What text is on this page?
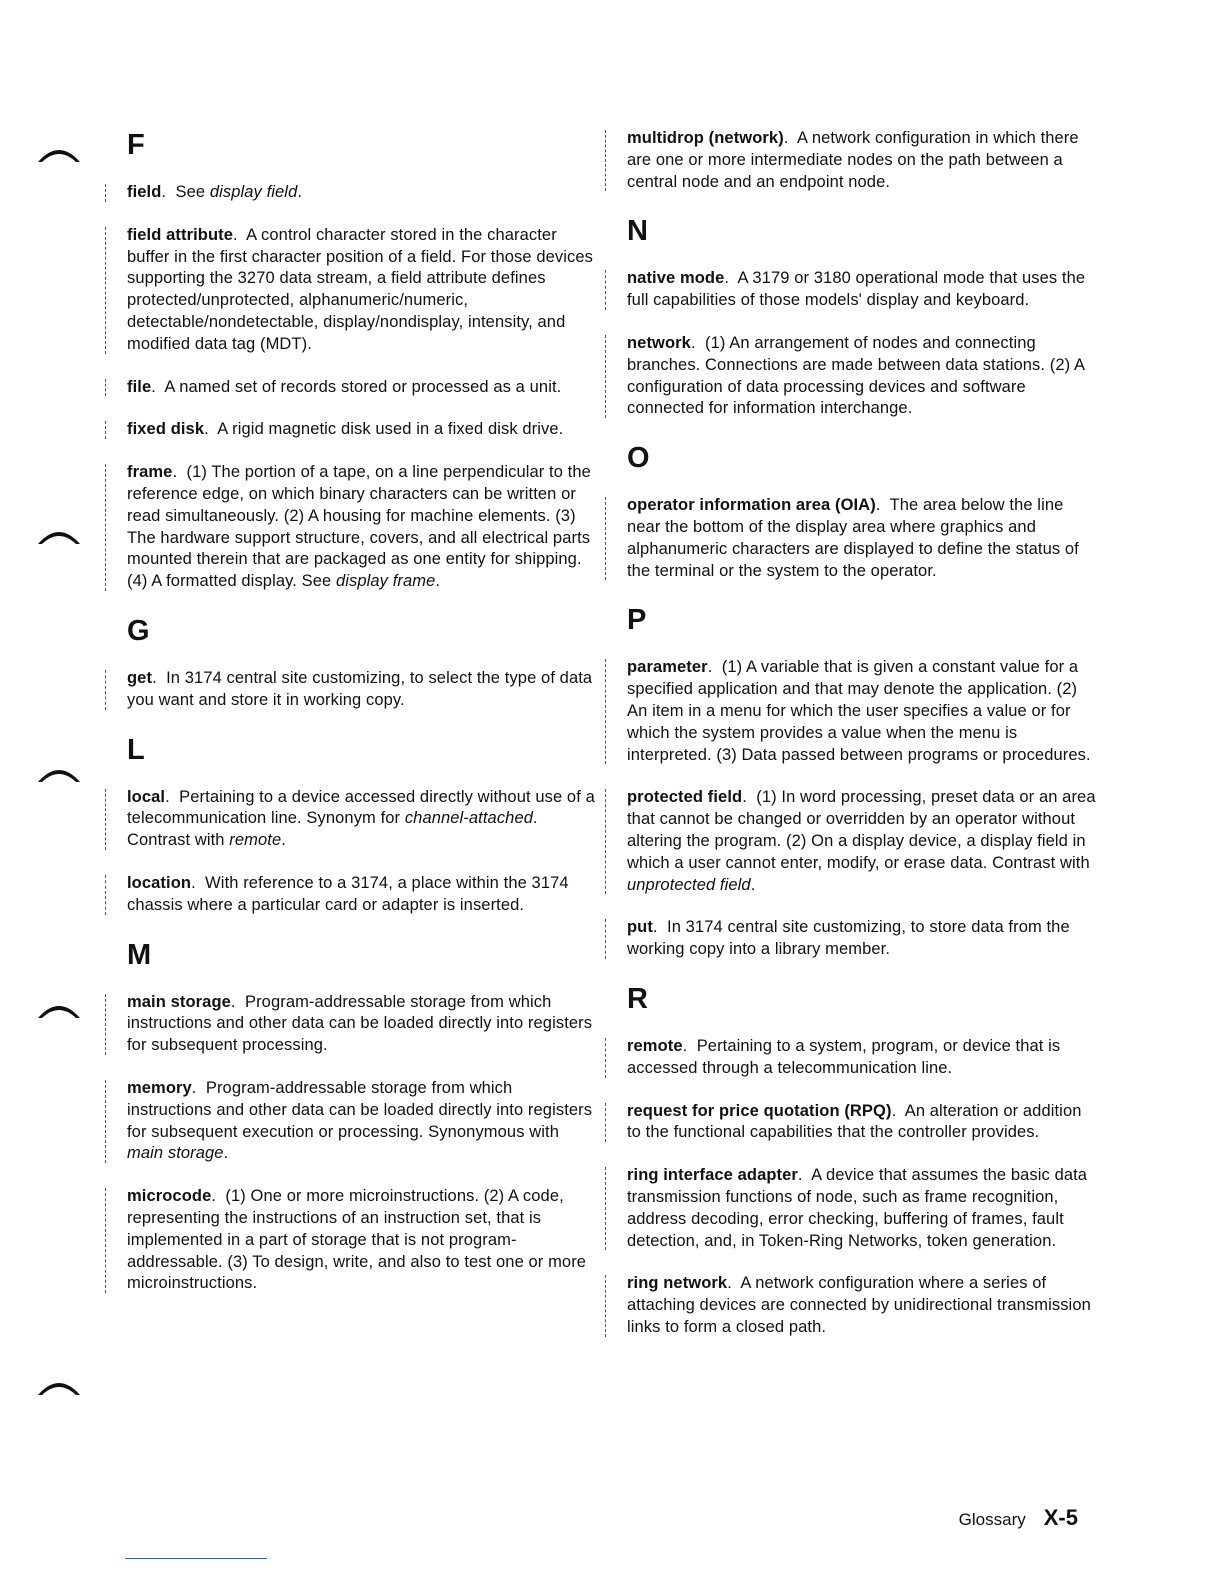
F
field.  See display field.
field attribute.  A control character stored in the character buffer in the first character position of a field. For those devices supporting the 3270 data stream, a field attribute defines protected/unprotected, alphanumeric/numeric, detectable/nondetectable, display/nondisplay, intensity, and modified data tag (MDT).
file.  A named set of records stored or processed as a unit.
fixed disk.  A rigid magnetic disk used in a fixed disk drive.
frame.  (1) The portion of a tape, on a line perpendicular to the reference edge, on which binary characters can be written or read simultaneously. (2) A housing for machine elements. (3) The hardware support structure, covers, and all electrical parts mounted therein that are packaged as one entity for shipping. (4) A formatted display. See display frame.
G
get.  In 3174 central site customizing, to select the type of data you want and store it in working copy.
L
local.  Pertaining to a device accessed directly without use of a telecommunication line. Synonym for channel-attached. Contrast with remote.
location.  With reference to a 3174, a place within the 3174 chassis where a particular card or adapter is inserted.
M
main storage.  Program-addressable storage from which instructions and other data can be loaded directly into registers for subsequent processing.
memory.  Program-addressable storage from which instructions and other data can be loaded directly into registers for subsequent execution or processing. Synonymous with main storage.
microcode.  (1) One or more microinstructions. (2) A code, representing the instructions of an instruction set, that is implemented in a part of storage that is not program-addressable. (3) To design, write, and also to test one or more microinstructions.
multidrop (network).  A network configuration in which there are one or more intermediate nodes on the path between a central node and an endpoint node.
N
native mode.  A 3179 or 3180 operational mode that uses the full capabilities of those models' display and keyboard.
network.  (1) An arrangement of nodes and connecting branches. Connections are made between data stations. (2) A configuration of data processing devices and software connected for information interchange.
O
operator information area (OIA).  The area below the line near the bottom of the display area where graphics and alphanumeric characters are displayed to define the status of the terminal or the system to the operator.
P
parameter.  (1) A variable that is given a constant value for a specified application and that may denote the application. (2) An item in a menu for which the user specifies a value or for which the system provides a value when the menu is interpreted. (3) Data passed between programs or procedures.
protected field.  (1) In word processing, preset data or an area that cannot be changed or overridden by an operator without altering the program. (2) On a display device, a display field in which a user cannot enter, modify, or erase data. Contrast with unprotected field.
put.  In 3174 central site customizing, to store data from the working copy into a library member.
R
remote.  Pertaining to a system, program, or device that is accessed through a telecommunication line.
request for price quotation (RPQ).  An alteration or addition to the functional capabilities that the controller provides.
ring interface adapter.  A device that assumes the basic data transmission functions of node, such as frame recognition, address decoding, error checking, buffering of frames, fault detection, and, in Token-Ring Networks, token generation.
ring network.  A network configuration where a series of attaching devices are connected by unidirectional transmission links to form a closed path.
Glossary X-5
